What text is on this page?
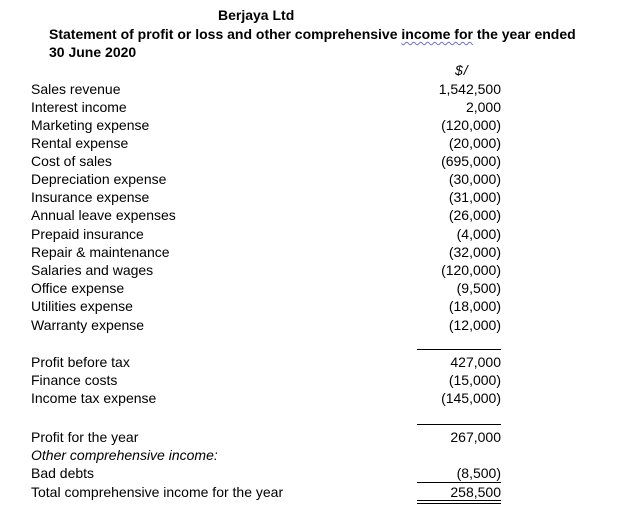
Berjaya Ltd
Statement of profit or loss and other comprehensive income for the year ended
30 June 2020
$/
Sales revenue	1,542,500
Interest income	2,000
Marketing expense	(120,000)
Rental expense	(20,000)
Cost of sales	(695,000)
Depreciation expense	(30,000)
Insurance expense	(31,000)
Annual leave expenses	(26,000)
Prepaid insurance	(4,000)
Repair & maintenance	(32,000)
Salaries and wages	(120,000)
Office expense	(9,500)
Utilities expense	(18,000)
Warranty expense	(12,000)
Profit before tax	427,000
Finance costs	(15,000)
Income tax expense	(145,000)
Profit for the year	267,000
Other comprehensive income:
Bad debts	(8,500)
Total comprehensive income for the year	258,500
